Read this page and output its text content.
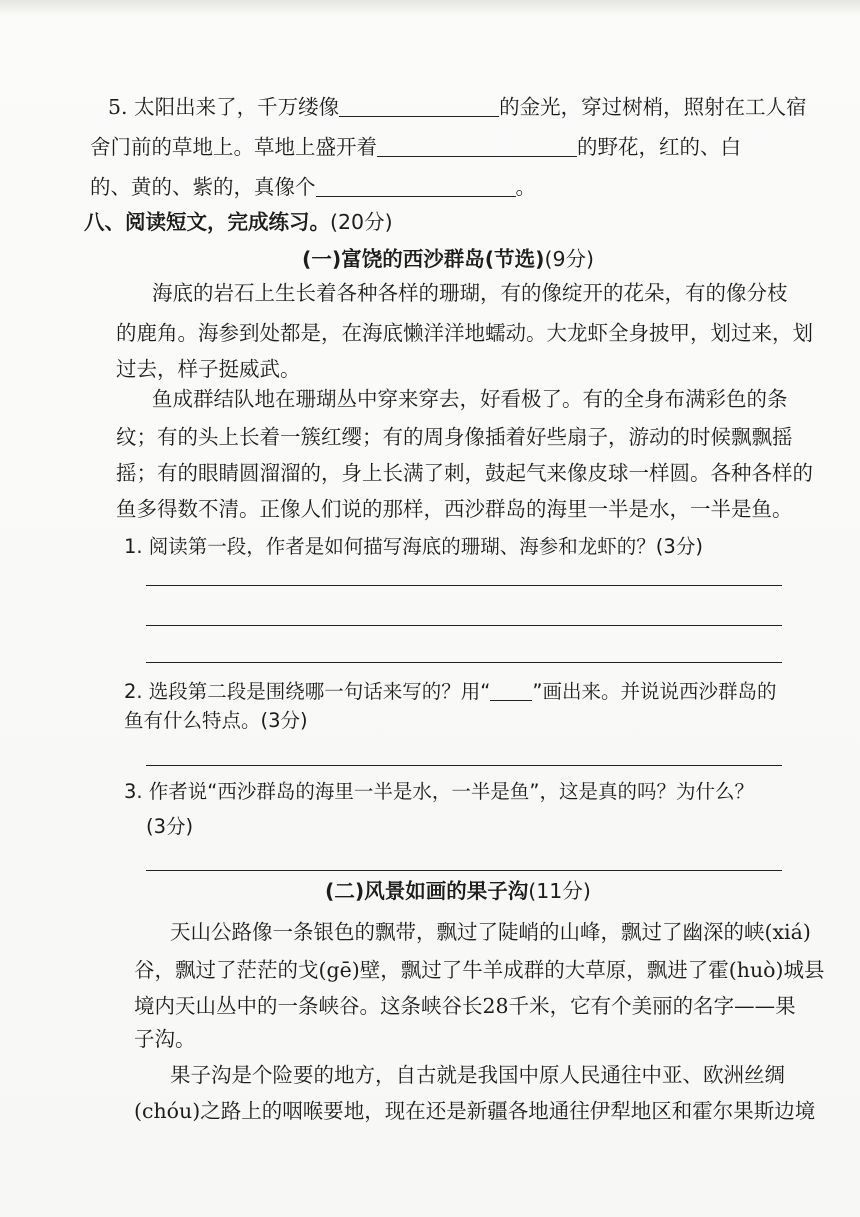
5. 太阳出来了，千万缕像	的金光，穿过树梢，照射在工人宿
舍门前的草地上。草地上盛开着	的野花，红的、白
的、黄的、紫的，真像个	。
八、阅读短文，完成练习。(20分)
(一)富饶的西沙群岛(节选)(9分)
海底的岩石上生长着各种各样的珊瑚，有的像绽开的花朵，有的像分枝
的鹿角。海参到处都是，在海底懒洋洋地蠕动。大龙虾全身披甲，划过来，划
过去，样子挺威武。
鱼成群结队地在珊瑚丛中穿来穿去，好看极了。有的全身布满彩色的条
纹；有的头上长着一簇红缨；有的周身像插着好些扇子，游动的时候飘飘摇
摇；有的眼睛圆溜溜的，身上长满了刺，鼓起气来像皮球一样圆。各种各样的
鱼多得数不清。正像人们说的那样，西沙群岛的海里一半是水，一半是鱼。
1. 阅读第一段，作者是如何描写海底的珊瑚、海参和龙虾的？(3分)
2. 选段第二段是围绕哪一句话来写的？用“ ”画出来。并说说西沙群岛的
鱼有什么特点。(3分)
3. 作者说“西沙群岛的海里一半是水，一半是鱼”，这是真的吗？为什么？
(3分)
(二)风景如画的果子沟(11分)
天山公路像一条银色的飘带，飘过了陡峭的山峰，飘过了幽深的峡(xiá)
谷，飘过了茫茫的戈(gē)壁，飘过了牛羊成群的大草原，飘进了霍(huò)城县
境内天山丛中的一条峡谷。这条峡谷长28千米，它有个美丽的名字——果
子沟。
果子沟是个险要的地方，自古就是我国中原人民通往中亚、欧洲丝绸
(chóu)之路上的咽喉要地，现在还是新疆各地通往伊犁地区和霍尔果斯边境
